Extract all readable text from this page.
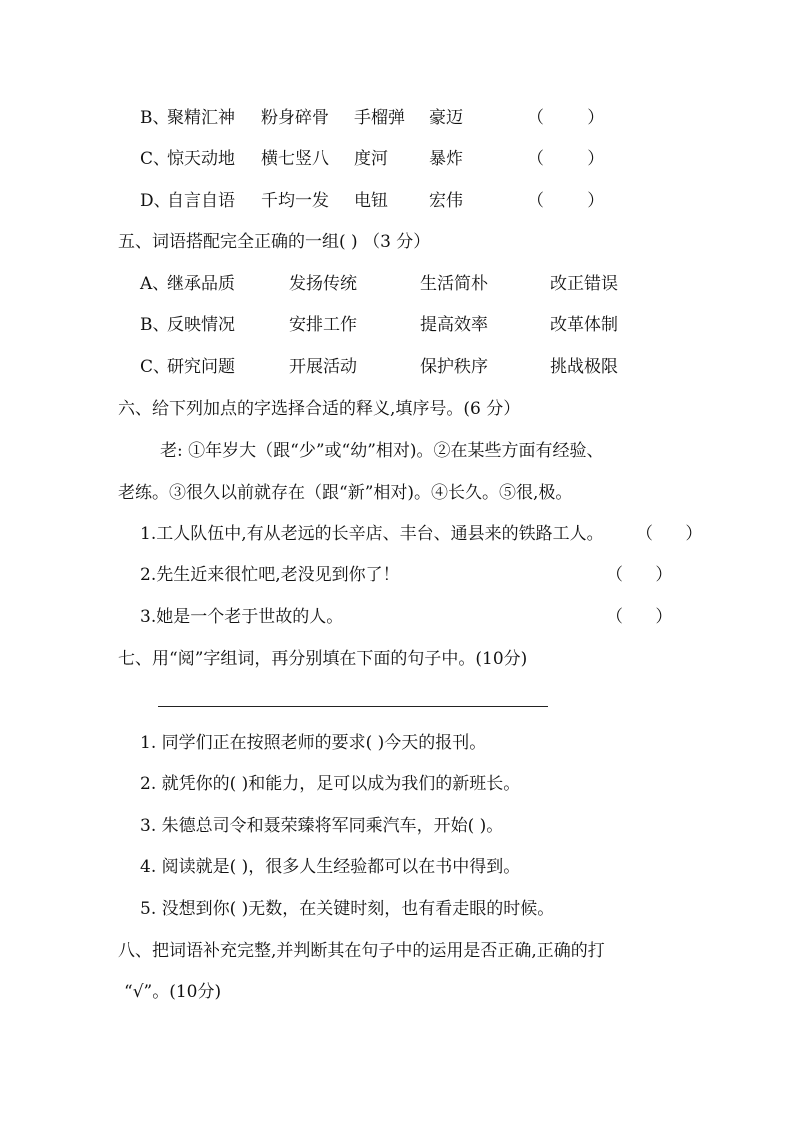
B、
聚精汇神 粉身碎骨 手榴弹 豪迈	（        ）
C、
惊天动地 横七竖八 度河 暴炸	（        ）
D、
自言自语 千均一发 电钮 宏伟	（        ）
五、词语搭配完全正确的一组( ) （3 分）
A、
继承品质	发扬传统	生活简朴	改正错误
B、
反映情况	安排工作	提高效率	改革体制
C、
研究问题	开展活动	保护秩序	挑战极限
六、给下列加点的字选择合适的释义,填序号。(6 分）
老: ①年岁大（跟“少”或“幼”相对)。②在某些方面有经验、
老练。③很久以前就存在（跟“新”相对)。④长久。⑤很,极。
1.工人队伍中,有从老远的长辛店、丰台、通县来的铁路工人。 （      ）
2.先生近来很忙吧,老没见到你了！	（      ）
3.她是一个老于世故的人。	（      ）
七、用“阅”字组词，再分别填在下面的句子中。(10分)
1. 同学们正在按照老师的要求( )今天的报刊。
2. 就凭你的( )和能力，足可以成为我们的新班长。
3. 朱德总司令和聂荣臻将军同乘汽车，开始( )。
4. 阅读就是( )，很多人生经验都可以在书中得到。
5. 没想到你( )无数，在关键时刻，也有看走眼的时候。
八、把词语补充完整,并判断其在句子中的运用是否正确,正确的打
“√”。(10分)
